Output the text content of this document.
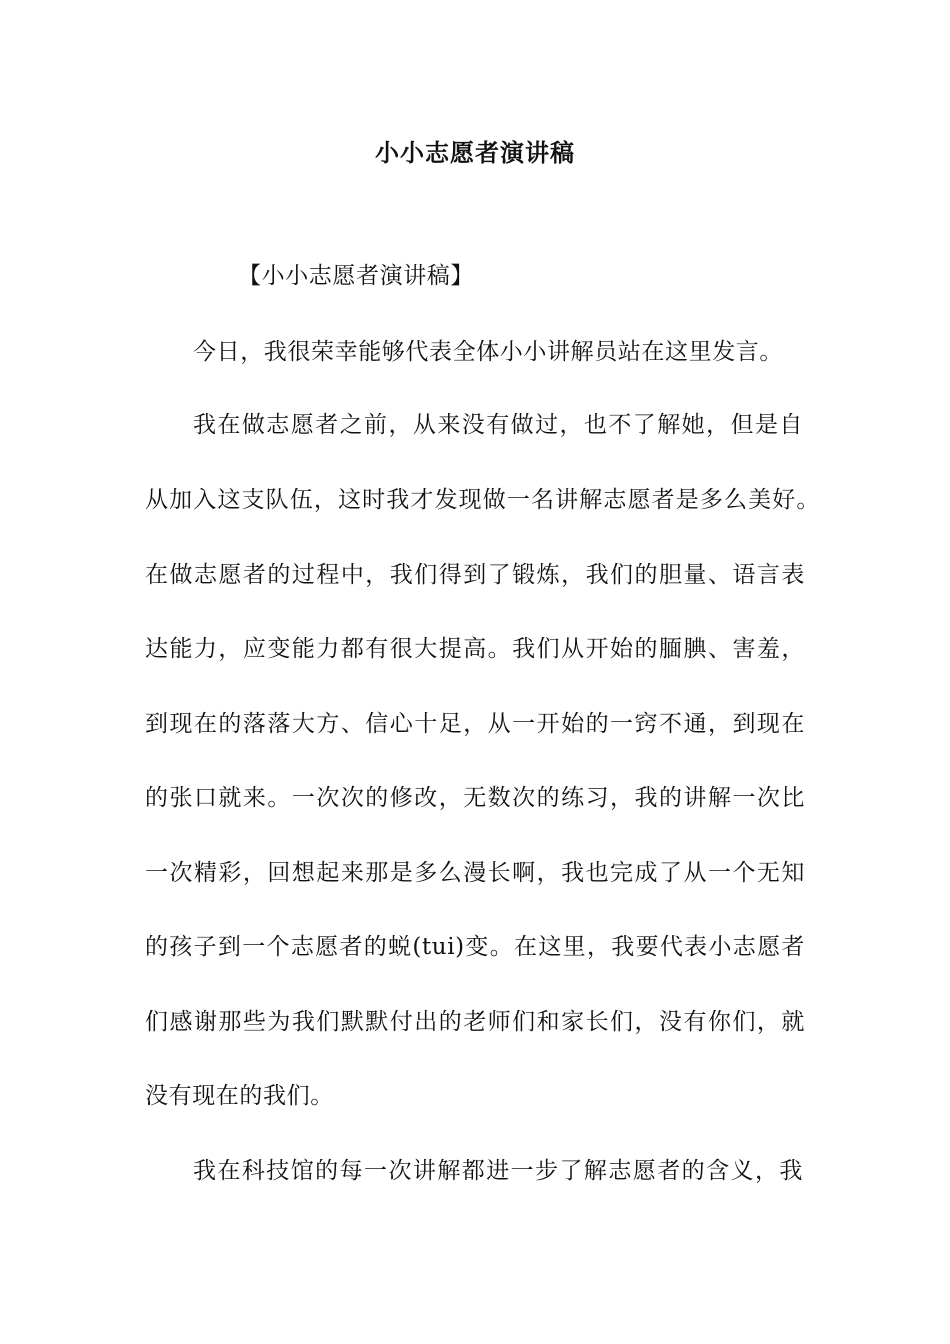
小小志愿者演讲稿
【小小志愿者演讲稿】
今日，我很荣幸能够代表全体小小讲解员站在这里发言。
我在做志愿者之前，从来没有做过，也不了解她，但是自
从加入这支队伍，这时我才发现做一名讲解志愿者是多么美好。
在做志愿者的过程中，我们得到了锻炼，我们的胆量、语言表
达能力，应变能力都有很大提高。我们从开始的腼腆、害羞，
到现在的落落大方、信心十足，从一开始的一窍不通，到现在
的张口就来。一次次的修改，无数次的练习，我的讲解一次比
一次精彩，回想起来那是多么漫长啊，我也完成了从一个无知
的孩子到一个志愿者的蜕(tui)变。在这里，我要代表小志愿者
们感谢那些为我们默默付出的老师们和家长们，没有你们，就
没有现在的我们。
我在科技馆的每一次讲解都进一步了解志愿者的含义，我
